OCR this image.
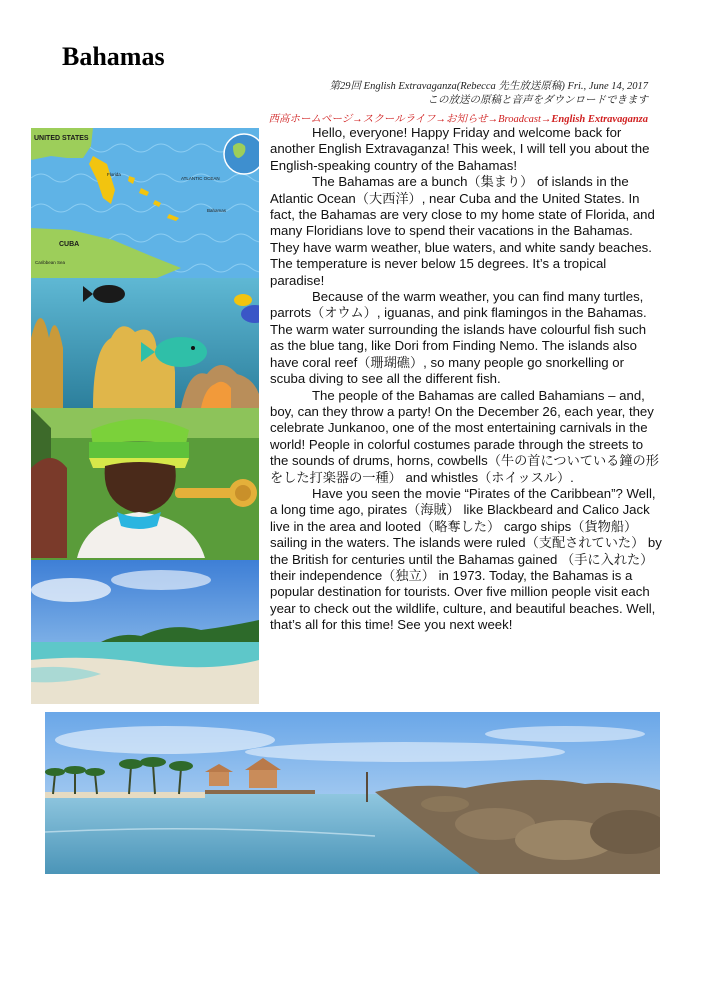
Bahamas
第29回 English Extravaganza(Rebecca 先生放送原稿) Fri., June 14, 2017
この放送の原稿と音声をダウンロードできます
西高ホームページ→スクールライフ→お知らせ→Broadcast→English Extravaganza
UNITED STATES
Florida
ATLANTIC OCEAN
CUBA
Bahamas
Caribbean Sea

Hello, everyone! Happy Friday and welcome back for another English Extravaganza! This week, I will tell you about the English-speaking country of the Bahamas!

The Bahamas are a bunch（集まり） of islands in the Atlantic Ocean（大西洋）, near Cuba and the United States. In fact, the Bahamas are very close to my home state of Florida, and many Floridians love to spend their vacations in the Bahamas. They have warm weather, blue waters, and white sandy beaches. The temperature is never below 15 degrees. It’s a tropical paradise!

Because of the warm weather, you can find many turtles, parrots（オウム）, iguanas, and pink flamingos in the Bahamas. The warm water surrounding the islands have colourful fish such as the blue tang, like Dori from Finding Nemo. The islands also have coral reef（珊瑚礁）, so many people go snorkelling or scuba diving to see all the different fish.

The people of the Bahamas are called Bahamians – and, boy, can they throw a party! On the December 26, each year, they celebrate Junkanoo, one of the most entertaining carnivals in the world! People in colorful costumes parade through the streets to the sounds of drums, horns, cowbells（牛の首についている鐘の形をした打楽器の一種） and whistles（ホイッスル）.

Have you seen the movie “Pirates of the Caribbean”? Well, a long time ago, pirates（海賊） like Blackbeard and Calico Jack live in the area and looted（略奪した） cargo ships（貨物船） sailing in the waters. The islands were ruled（支配されていた） by the British for centuries until the Bahamas gained （手に入れた）their independence（独立） in 1973. Today, the Bahamas is a popular destination for tourists. Over five million people visit each year to check out the wildlife, culture, and beautiful beaches. Well, that’s all for this time! See you next week!
